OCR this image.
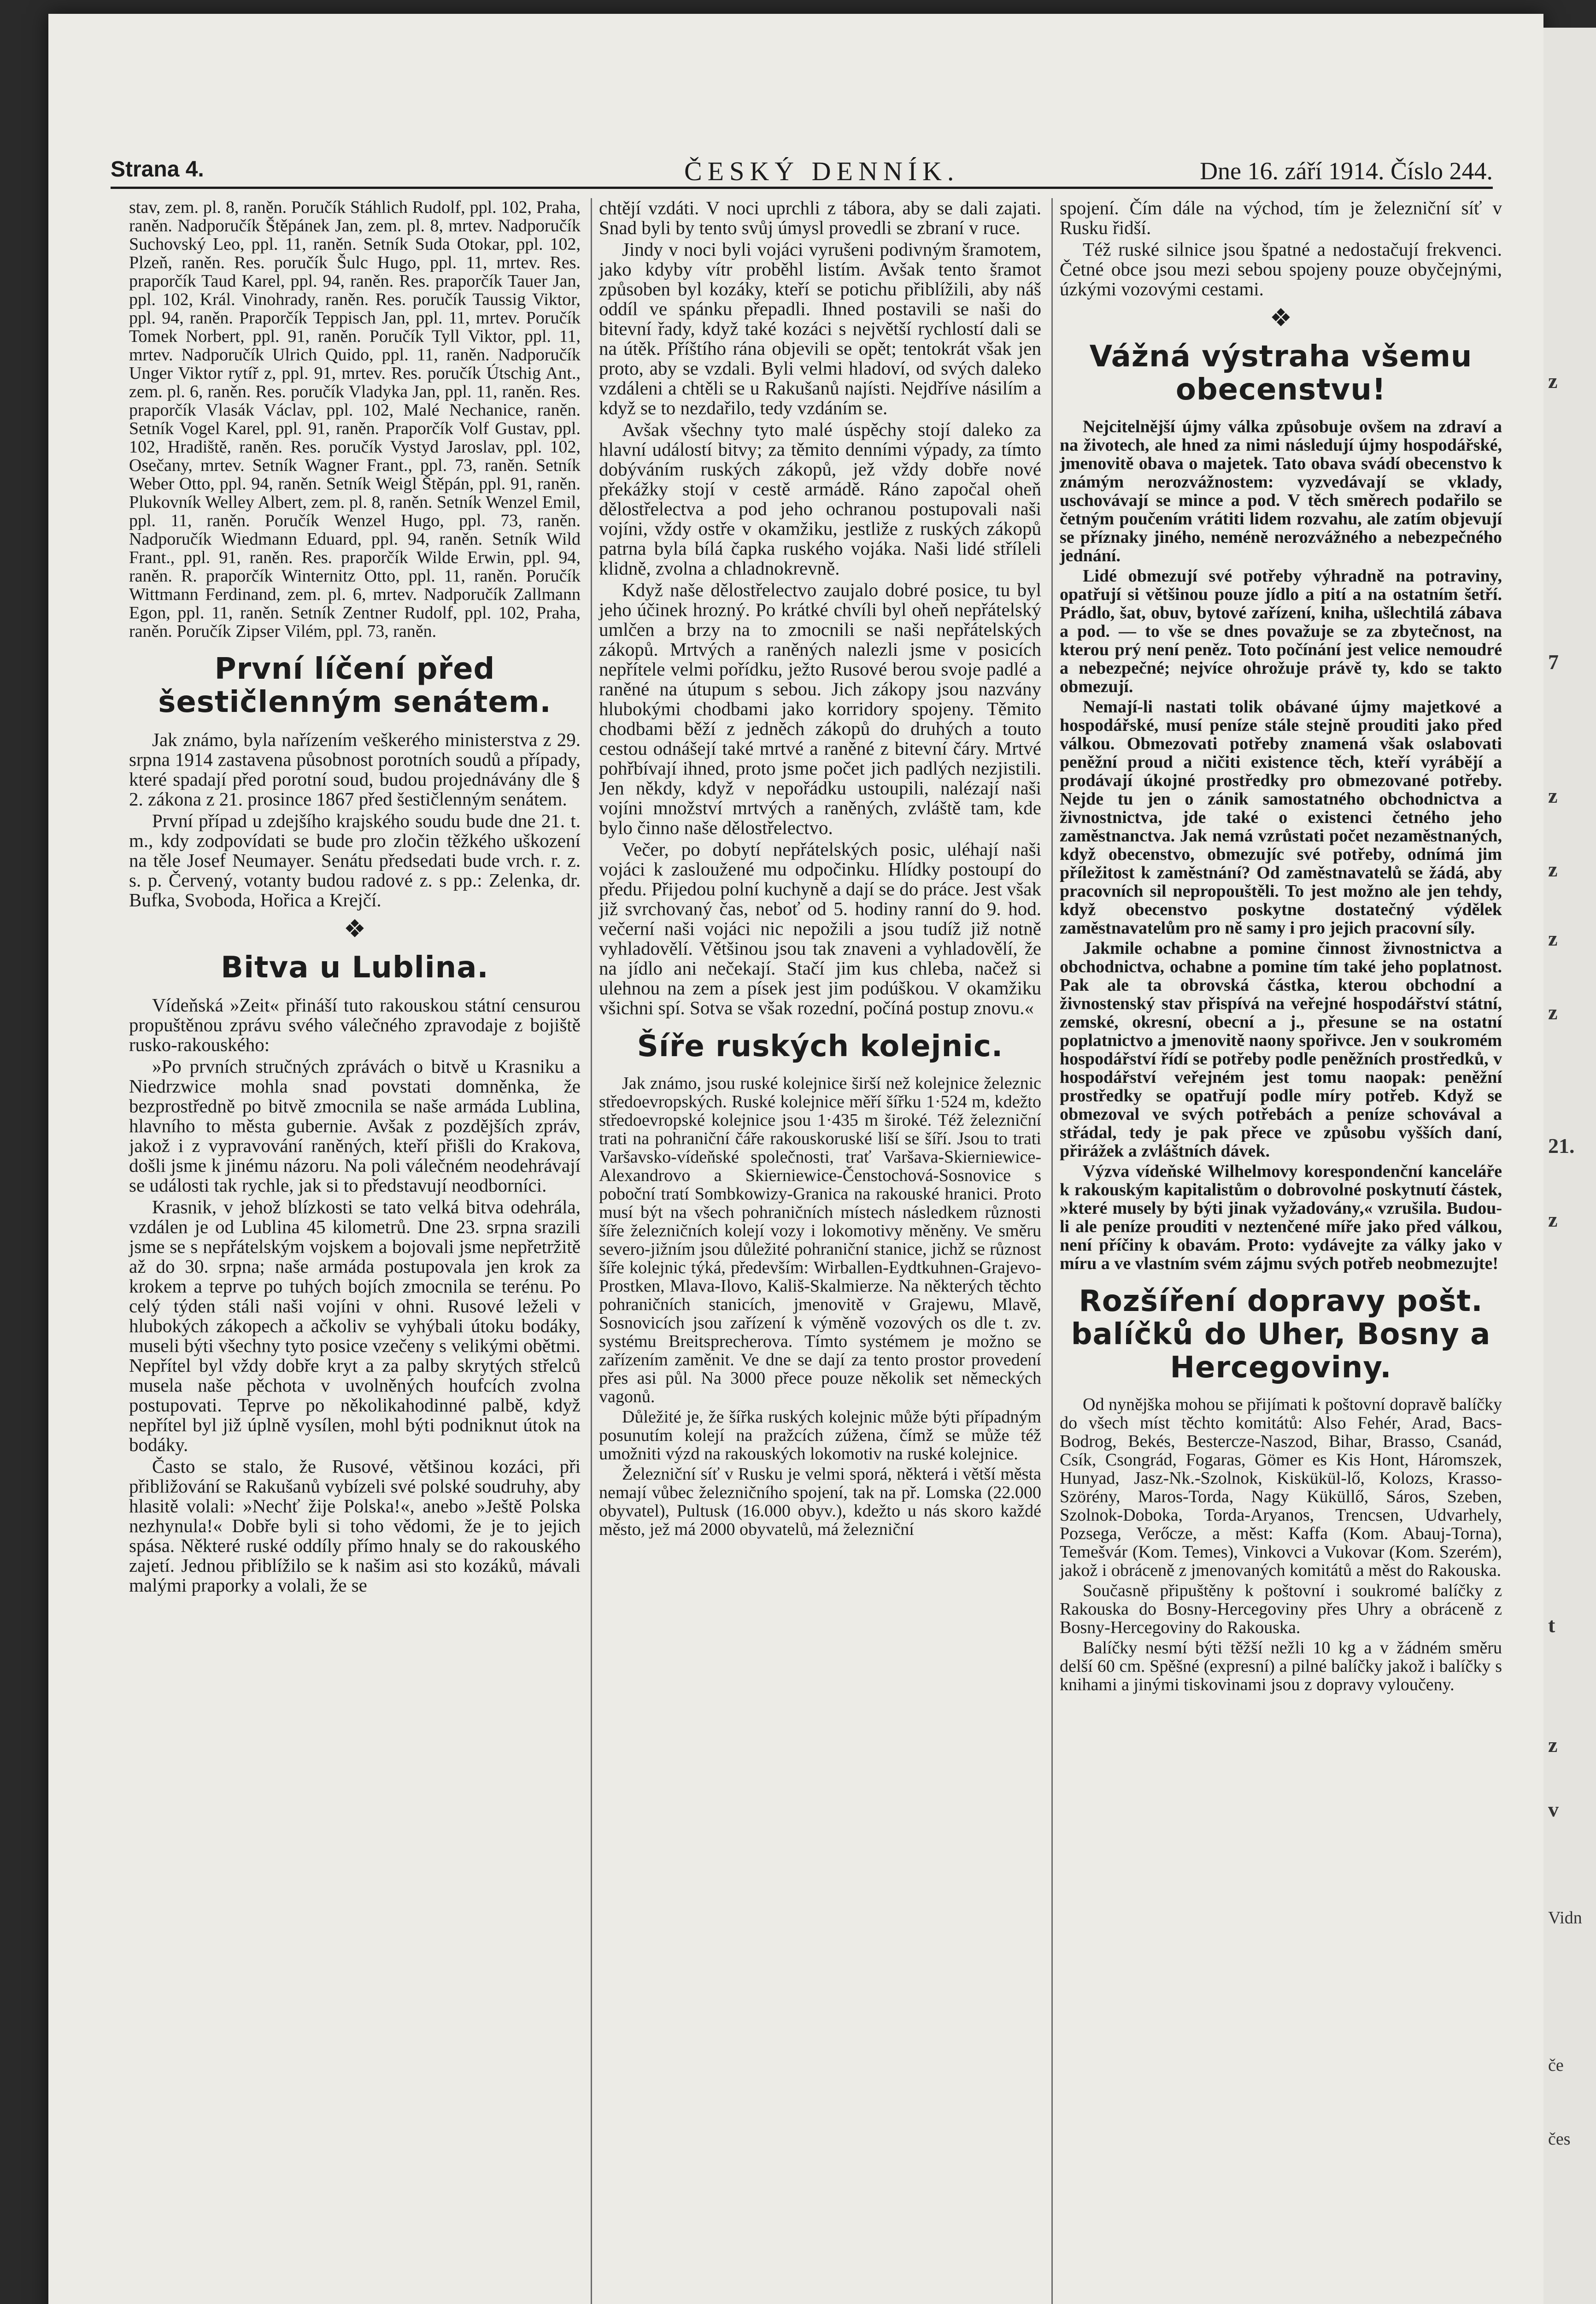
z
7
z
z
z
z
21.
z
t
z
v
Vidn
če
čes
Strana 4.	ČESKÝ DENNÍK.	Dne 16. září 1914. Číslo 244.

stav, zem. pl. 8, raněn. Poručík Stáhlich Rudolf, ppl. 102, Praha, raněn. Nadporučík Štěpánek Jan, zem. pl. 8, mrtev. Nadporučík Suchovský Leo, ppl. 11, raněn. Setník Suda Otokar, ppl. 102, Plzeň, raněn. Res. poručík Šulc Hugo, ppl. 11, mrtev. Res. praporčík Taud Karel, ppl. 94, raněn. Res. praporčík Tauer Jan, ppl. 102, Král. Vinohrady, raněn. Res. poručík Taussig Viktor, ppl. 94, raněn. Praporčík Teppisch Jan, ppl. 11, mrtev. Poručík Tomek Norbert, ppl. 91, raněn. Poručík Tyll Viktor, ppl. 11, mrtev. Nadporučík Ulrich Quido, ppl. 11, raněn. Nadporučík Unger Viktor rytíř z, ppl. 91, mrtev. Res. poručík Útschig Ant., zem. pl. 6, raněn. Res. poručík Vladyka Jan, ppl. 11, raněn. Res. praporčík Vlasák Václav, ppl. 102, Malé Nechanice, raněn. Setník Vogel Karel, ppl. 91, raněn. Praporčík Volf Gustav, ppl. 102, Hradiště, raněn. Res. poručík Vystyd Jaroslav, ppl. 102, Osečany, mrtev. Setník Wagner Frant., ppl. 73, raněn. Setník Weber Otto, ppl. 94, raněn. Setník Weigl Štěpán, ppl. 91, raněn. Plukovník Welley Albert, zem. pl. 8, raněn. Setník Wenzel Emil, ppl. 11, raněn. Poručík Wenzel Hugo, ppl. 73, raněn. Nadporučík Wiedmann Eduard, ppl. 94, raněn. Setník Wild Frant., ppl. 91, raněn. Res. praporčík Wilde Erwin, ppl. 94, raněn. R. praporčík Winternitz Otto, ppl. 11, raněn. Poručík Wittmann Ferdinand, zem. pl. 6, mrtev. Nadporučík Zallmann Egon, ppl. 11, raněn. Setník Zentner Rudolf, ppl. 102, Praha, raněn. Poručík Zipser Vilém, ppl. 73, raněn.

První líčení před šestičlenným senátem.

Jak známo, byla nařízením veškerého ministerstva z 29. srpna 1914 zastavena působnost porotních soudů a případy, které spadají před porotní soud, budou projednávány dle § 2. zákona z 21. prosince 1867 před šestičlenným senátem.

První případ u zdejšího krajského soudu bude dne 21. t. m., kdy zodpovídati se bude pro zločin těžkého uškození na těle Josef Neumayer. Senátu předsedati bude vrch. r. z. s. p. Červený, votanty budou radové z. s pp.: Zelenka, dr. Bufka, Svoboda, Hořica a Krejčí.

❖
Bitva u Lublina.

Vídeňská »Zeit« přináší tuto rakouskou státní censurou propuštěnou zprávu svého válečného zpravodaje z bojiště rusko-rakouského:

»Po prvních stručných zprávách o bitvě u Krasniku a Niedrzwice mohla snad povstati domněnka, že bezprostředně po bitvě zmocnila se naše armáda Lublina, hlavního to města gubernie. Avšak z pozdějších zpráv, jakož i z vypravování raněných, kteří přišli do Krakova, došli jsme k jinému názoru. Na poli válečném neodehrávají se události tak rychle, jak si to představují neodborníci.

Krasnik, v jehož blízkosti se tato velká bitva odehrála, vzdálen je od Lublina 45 kilometrů. Dne 23. srpna srazili jsme se s nepřátelským vojskem a bojovali jsme nepřetržitě až do 30. srpna; naše armáda postupovala jen krok za krokem a teprve po tuhých bojích zmocnila se terénu. Po celý týden stáli naši vojíni v ohni. Rusové leželi v hlubokých zákopech a ačkoliv se vyhýbali útoku bodáky, museli býti všechny tyto posice vzečeny s velikými obětmi. Nepřítel byl vždy dobře kryt a za palby skrytých střelců musela naše pěchota v uvolněných houfcích zvolna postupovati. Teprve po několikahodinné palbě, když nepřítel byl již úplně vysílen, mohl býti podniknut útok na bodáky.

Často se stalo, že Rusové, většinou kozáci, při přibližování se Rakušanů vybízeli své polské soudruhy, aby hlasitě volali: »Nechť žije Polska!«, anebo »Ještě Polska nezhynula!« Dobře byli si toho vědomi, že je to jejich spása. Některé ruské oddíly přímo hnaly se do rakouského zajetí. Jednou přiblížilo se k našim asi sto kozáků, mávali malými praporky a volali, že se

chtějí vzdáti. V noci uprchli z tábora, aby se dali zajati. Snad byli by tento svůj úmysl provedli se zbraní v ruce.

Jindy v noci byli vojáci vyrušeni podivným šramotem, jako kdyby vítr proběhl listím. Avšak tento šramot způsoben byl kozáky, kteří se potichu přiblížili, aby náš oddíl ve spánku přepadli. Ihned postavili se naši do bitevní řady, když také kozáci s největší rychlostí dali se na útěk. Příštího rána objevili se opět; tentokrát však jen proto, aby se vzdali. Byli velmi hladoví, od svých daleko vzdáleni a chtěli se u Rakušanů najísti. Nejdříve násilím a když se to nezdařilo, tedy vzdáním se.

Avšak všechny tyto malé úspěchy stojí daleko za hlavní událostí bitvy; za těmito denními výpady, za tímto dobýváním ruských zákopů, jež vždy dobře nové překážky stojí v cestě armádě. Ráno započal oheň dělostřelectva a pod jeho ochranou postupovali naši vojíni, vždy ostře v okamžiku, jestliže z ruských zákopů patrna byla bílá čapka ruského vojáka. Naši lidé stříleli klidně, zvolna a chladnokrevně.

Když naše dělostřelectvo zaujalo dobré posice, tu byl jeho účinek hrozný. Po krátké chvíli byl oheň nepřátelský umlčen a brzy na to zmocnili se naši nepřátelských zákopů. Mrtvých a raněných nalezli jsme v posicích nepřítele velmi pořídku, ježto Rusové berou svoje padlé a raněné na útupum s sebou. Jich zákopy jsou nazvány hlubokými chodbami jako korridory spojeny. Těmito chodbami běží z jedněch zákopů do druhých a touto cestou odnášejí také mrtvé a raněné z bitevní čáry. Mrtvé pohřbívají ihned, proto jsme počet jich padlých nezjistili. Jen někdy, když v nepořádku ustoupili, nalézají naši vojíni množství mrtvých a raněných, zvláště tam, kde bylo činno naše dělostřelectvo.

Večer, po dobytí nepřátelských posic, uléhají naši vojáci k zasloužené mu odpočinku. Hlídky postoupí do předu. Přijedou polní kuchyně a dají se do práce. Jest však již svrchovaný čas, neboť od 5. hodiny ranní do 9. hod. večerní naši vojáci nic nepožili a jsou tudíž již notně vyhladovělí. Většinou jsou tak znaveni a vyhladovělí, že na jídlo ani nečekají. Stačí jim kus chleba, načež si ulehnou na zem a písek jest jim podúškou. V okamžiku všichni spí. Sotva se však rozední, počíná postup znovu.«

Šíře ruských kolejnic.

Jak známo, jsou ruské kolejnice širší než kolejnice železnic středoevropských. Ruské kolejnice měří šířku 1·524 m, kdežto středoevropské kolejnice jsou 1·435 m široké. Též železniční trati na pohraniční čáře rakouskoruské liší se šíří. Jsou to trati Varšavsko-vídeňské společnosti, trať Varšava-Skierniewice-Alexandrovo a Skierniewice-Čenstochová-Sosnovice s poboční tratí Sombkowizy-Granica na rakouské hranici. Proto musí být na všech pohraničních místech následkem různosti šíře železničních kolejí vozy i lokomotivy měněny. Ve směru severo-jižním jsou důležité pohraniční stanice, jichž se různost šíře kolejnic týká, především: Wirballen-Eydtkuhnen-Grajevo-Prostken, Mlava-Ilovo, Kališ-Skalmierze. Na některých těchto pohraničních stanicích, jmenovitě v Grajewu, Mlavě, Sosnovicích jsou zařízení k výměně vozových os dle t. zv. systému Breitsprecherova. Tímto systémem je možno se zařízením zaměnit. Ve dne se dají za tento prostor provedení přes asi půl. Na 3000 přece pouze několik set německých vagonů.

Důležité je, že šířka ruských kolejnic může býti případným posunutím kolejí na pražcích zúžena, čímž se může též umožniti výzd na rakouských lokomotiv na ruské kolejnice.

Železniční síť v Rusku je velmi sporá, některá i větší města nemají vůbec železničního spojení, tak na př. Lomska (22.000 obyvatel), Pultusk (16.000 obyv.), kdežto u nás skoro každé město, jež má 2000 obyvatelů, má železniční

spojení. Čím dále na východ, tím je železniční síť v Rusku řidší.

Též ruské silnice jsou špatné a nedostačují frekvenci. Četné obce jsou mezi sebou spojeny pouze obyčejnými, úzkými vozovými cestami.

❖
Vážná výstraha všemu obecenstvu!

Nejcitelnější újmy válka způsobuje ovšem na zdraví a na životech, ale hned za nimi následují újmy hospodářské, jmenovitě obava o majetek. Tato obava svádí obecenstvo k známým nerozvážnostem: vyzvedávají se vklady, uschovávají se mince a pod. V těch směrech podařilo se četným poučením vrátiti lidem rozvahu, ale zatím objevují se příznaky jiného, neméně nerozvážného a nebezpečného jednání.

Lidé obmezují své potřeby výhradně na potraviny, opatřují si většinou pouze jídlo a pití a na ostatním šetří. Prádlo, šat, obuv, bytové zařízení, kniha, ušlechtilá zábava a pod. — to vše se dnes považuje se za zbytečnost, na kterou prý není peněz. Toto počínání jest velice nemoudré a nebezpečné; nejvíce ohrožuje právě ty, kdo se takto obmezují.

Nemají-li nastati tolik obávané újmy majetkové a hospodářské, musí peníze stále stejně prouditi jako před válkou. Obmezovati potřeby znamená však oslabovati peněžní proud a ničiti existence těch, kteří vyrábějí a prodávají úkojné prostředky pro obmezované potřeby. Nejde tu jen o zánik samostatného obchodnictva a živnostnictva, jde také o existenci četného jeho zaměstnanctva. Jak nemá vzrůstati počet nezaměstnaných, když obecenstvo, obmezujíc své potřeby, odnímá jim příležitost k zaměstnání? Od zaměstnavatelů se žádá, aby pracovních sil nepropouštěli. To jest možno ale jen tehdy, když obecenstvo poskytne dostatečný výdělek zaměstnavatelům pro ně samy i pro jejich pracovní síly.

Jakmile ochabne a pomine činnost živnostnictva a obchodnictva, ochabne a pomine tím také jeho poplatnost. Pak ale ta obrovská částka, kterou obchodní a živnostenský stav přispívá na veřejné hospodářství státní, zemské, okresní, obecní a j., přesune se na ostatní poplatnictvo a jmenovitě naony spořivce. Jen v soukromém hospodářství řídí se potřeby podle peněžních prostředků, v hospodářství veřejném jest tomu naopak: peněžní prostředky se opatřují podle míry potřeb. Když se obmezoval ve svých potřebách a peníze schovával a střádal, tedy je pak přece ve způsobu vyšších daní, přirážek a zvláštních dávek.

Výzva vídeňské Wilhelmovy korespondenční kanceláře k rakouským kapitalistům o dobrovolné poskytnutí částek, »které musely by býti jinak vyžadovány,« vzrušila. Budou-li ale peníze prouditi v neztenčené míře jako před válkou, není příčiny k obavám. Proto: vydávejte za války jako v míru a ve vlastním svém zájmu svých potřeb neobmezujte!

Rozšíření dopravy pošt. balíčků do Uher, Bosny a Hercegoviny.

Od nynějška mohou se přijímati k poštovní dopravě balíčky do všech míst těchto komitátů: Also Fehér, Arad, Bacs-Bodrog, Bekés, Bestercze-Naszod, Bihar, Brasso, Csanád, Csík, Csongrád, Fogaras, Gömer es Kis Hont, Háromszek, Hunyad, Jasz-Nk.-Szolnok, Kiskükül-lő, Kolozs, Krasso-Szörény, Maros-Torda, Nagy Küküllő, Sáros, Szeben, Szolnok-Doboka, Torda-Aryanos, Trencsen, Udvarhely, Pozsega, Verőcze, a měst: Kaffa (Kom. Abauj-Torna), Temešvár (Kom. Temes), Vinkovci a Vukovar (Kom. Szerém), jakož i obráceně z jmenovaných komitátů a měst do Rakouska.

Současně připuštěny k poštovní i soukromé balíčky z Rakouska do Bosny-Hercegoviny přes Uhry a obráceně z Bosny-Hercegoviny do Rakouska.

Balíčky nesmí býti těžší nežli 10 kg a v žádném směru delší 60 cm. Spěšné (expresní) a pilné balíčky jakož i balíčky s knihami a jinými tiskovinami jsou z dopravy vyloučeny.
